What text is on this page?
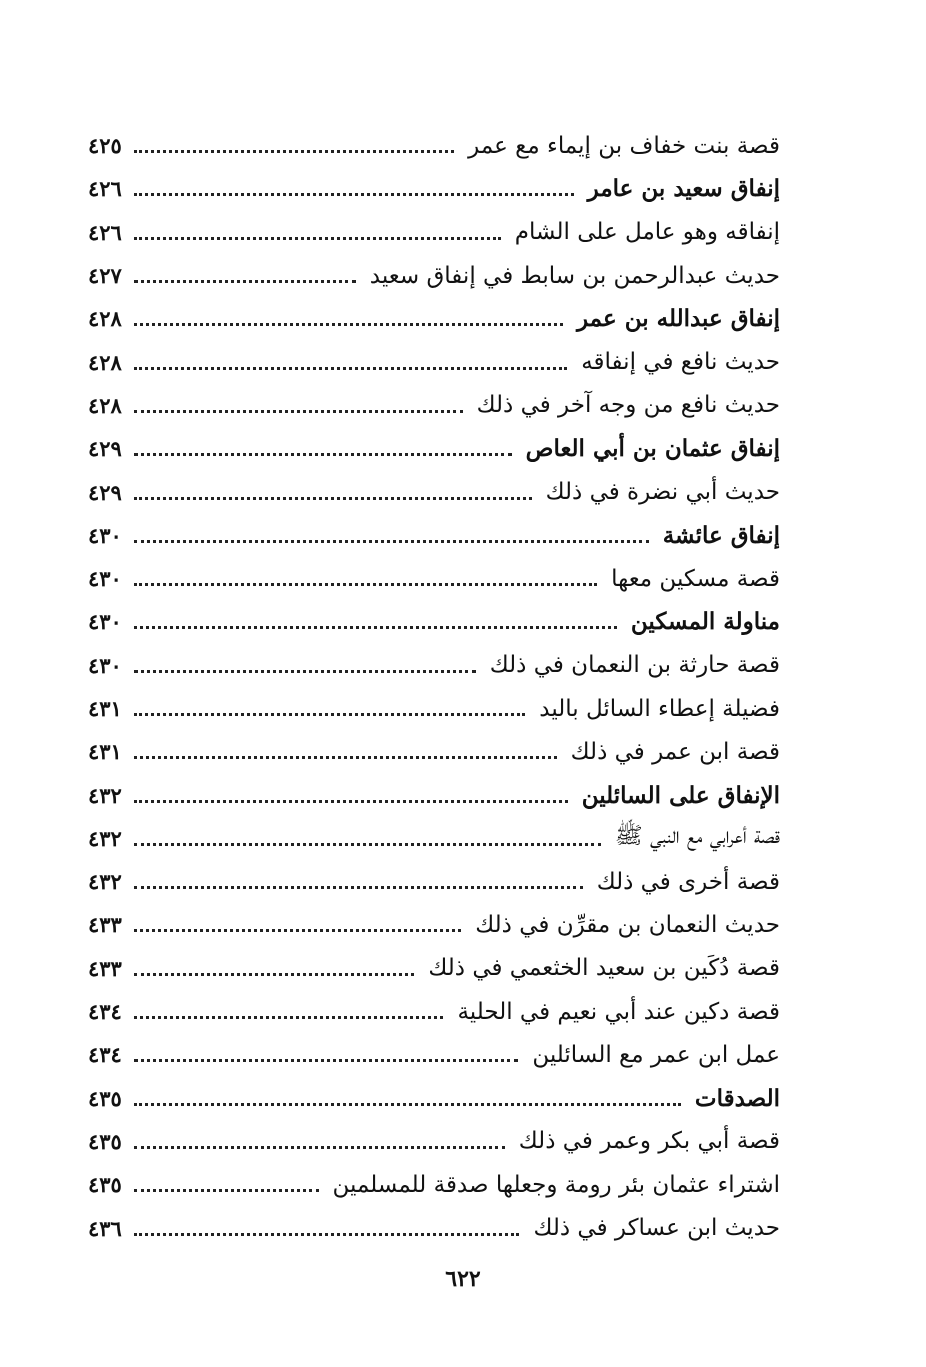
قصة بنت خفاف بن إيماء مع عمر
٤٢٥
إنفاق سعيد بن عامر
٤٢٦
إنفاقه وهو عامل على الشام
٤٢٦
حديث عبدالرحمن بن سابط في إنفاق سعيد
٤٢٧
إنفاق عبدالله بن عمر
٤٢٨
حديث نافع في إنفاقه
٤٢٨
حديث نافع من وجه آخر في ذلك
٤٢٨
إنفاق عثمان بن أبي العاص
٤٢٩
حديث أبي نضرة في ذلك
٤٢٩
إنفاق عائشة
٤٣٠
قصة مسكين معها
٤٣٠
مناولة المسكين
٤٣٠
قصة حارثة بن النعمان في ذلك
٤٣٠
فضيلة إعطاء السائل باليد
٤٣١
قصة ابن عمر في ذلك
٤٣١
الإنفاق على السائلين
٤٣٢
قصة أعرابي مع النبي ﷺ
٤٣٢
قصة أخرى في ذلك
٤٣٢
حديث النعمان بن مقرِّن في ذلك
٤٣٣
قصة دُكَين بن سعيد الخثعمي في ذلك
٤٣٣
قصة دكين عند أبي نعيم في الحلية
٤٣٤
عمل ابن عمر مع السائلين
٤٣٤
الصدقات
٤٣٥
قصة أبي بكر وعمر في ذلك
٤٣٥
اشتراء عثمان بئر رومة وجعلها صدقة للمسلمين
٤٣٥
حديث ابن عساكر في ذلك
٤٣٦
٦٢٢
